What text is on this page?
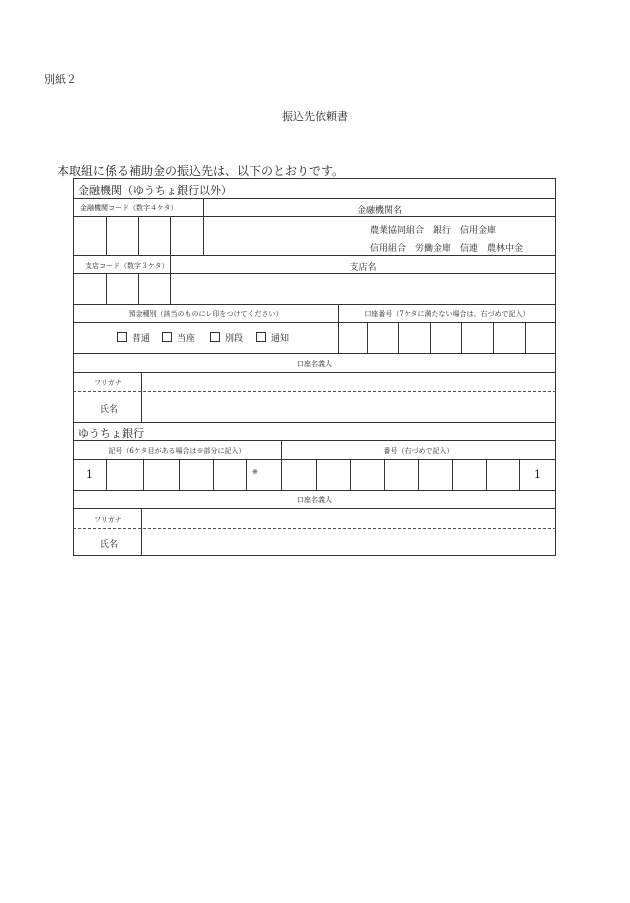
別紙２
振込先依頼書
本取組に係る補助金の振込先は、以下のとおりです。
金融機関（ゆうちょ銀行以外）
金融機関コード（数字４ケタ）	金融機関名
農業協同組合　銀行　信用金庫
信用組合　労働金庫　信連　農林中金
支店コード（数字３ケタ）	支店名
預金種別（該当のものにレ印をつけてください）	口座番号（7ケタに満たない場合は、右づめで記入）
普通	当座	別段	通知
口座名義人
フリガナ
氏名
ゆうちょ銀行
記号（6ケタ目がある場合は※部分に記入）	番号（右づめで記入）
1	※	1
口座名義人
フリガナ
氏名
